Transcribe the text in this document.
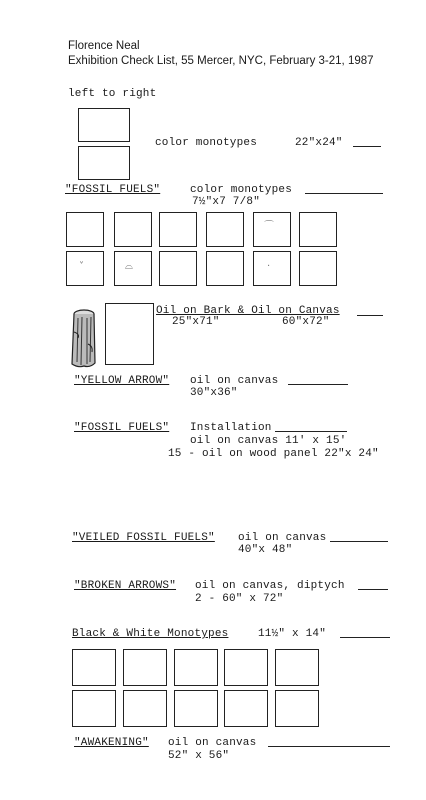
Florence Neal
Exhibition Check List, 55 Mercer, NYC, February 3-21, 1987
left to right
color monotypes	22"x24"
"FOSSIL FUELS"	color monotypes
7½"x7 7/8"
⌒
˅	⌓	·
Oil on Bark & Oil on Canvas
25"x71"	60"x72"
"YELLOW ARROW" oil on canvas
30"x36"
"FOSSIL FUELS" Installation
oil on canvas 11' x 15'
15 - oil on wood panel 22"x 24"
"VEILED FOSSIL FUELS" oil on canvas
40"x 48"
"BROKEN ARROWS" oil on canvas, diptych
2 - 60" x 72"
Black & White Monotypes	11½" x 14"
"AWAKENING" oil on canvas
52" x 56"
